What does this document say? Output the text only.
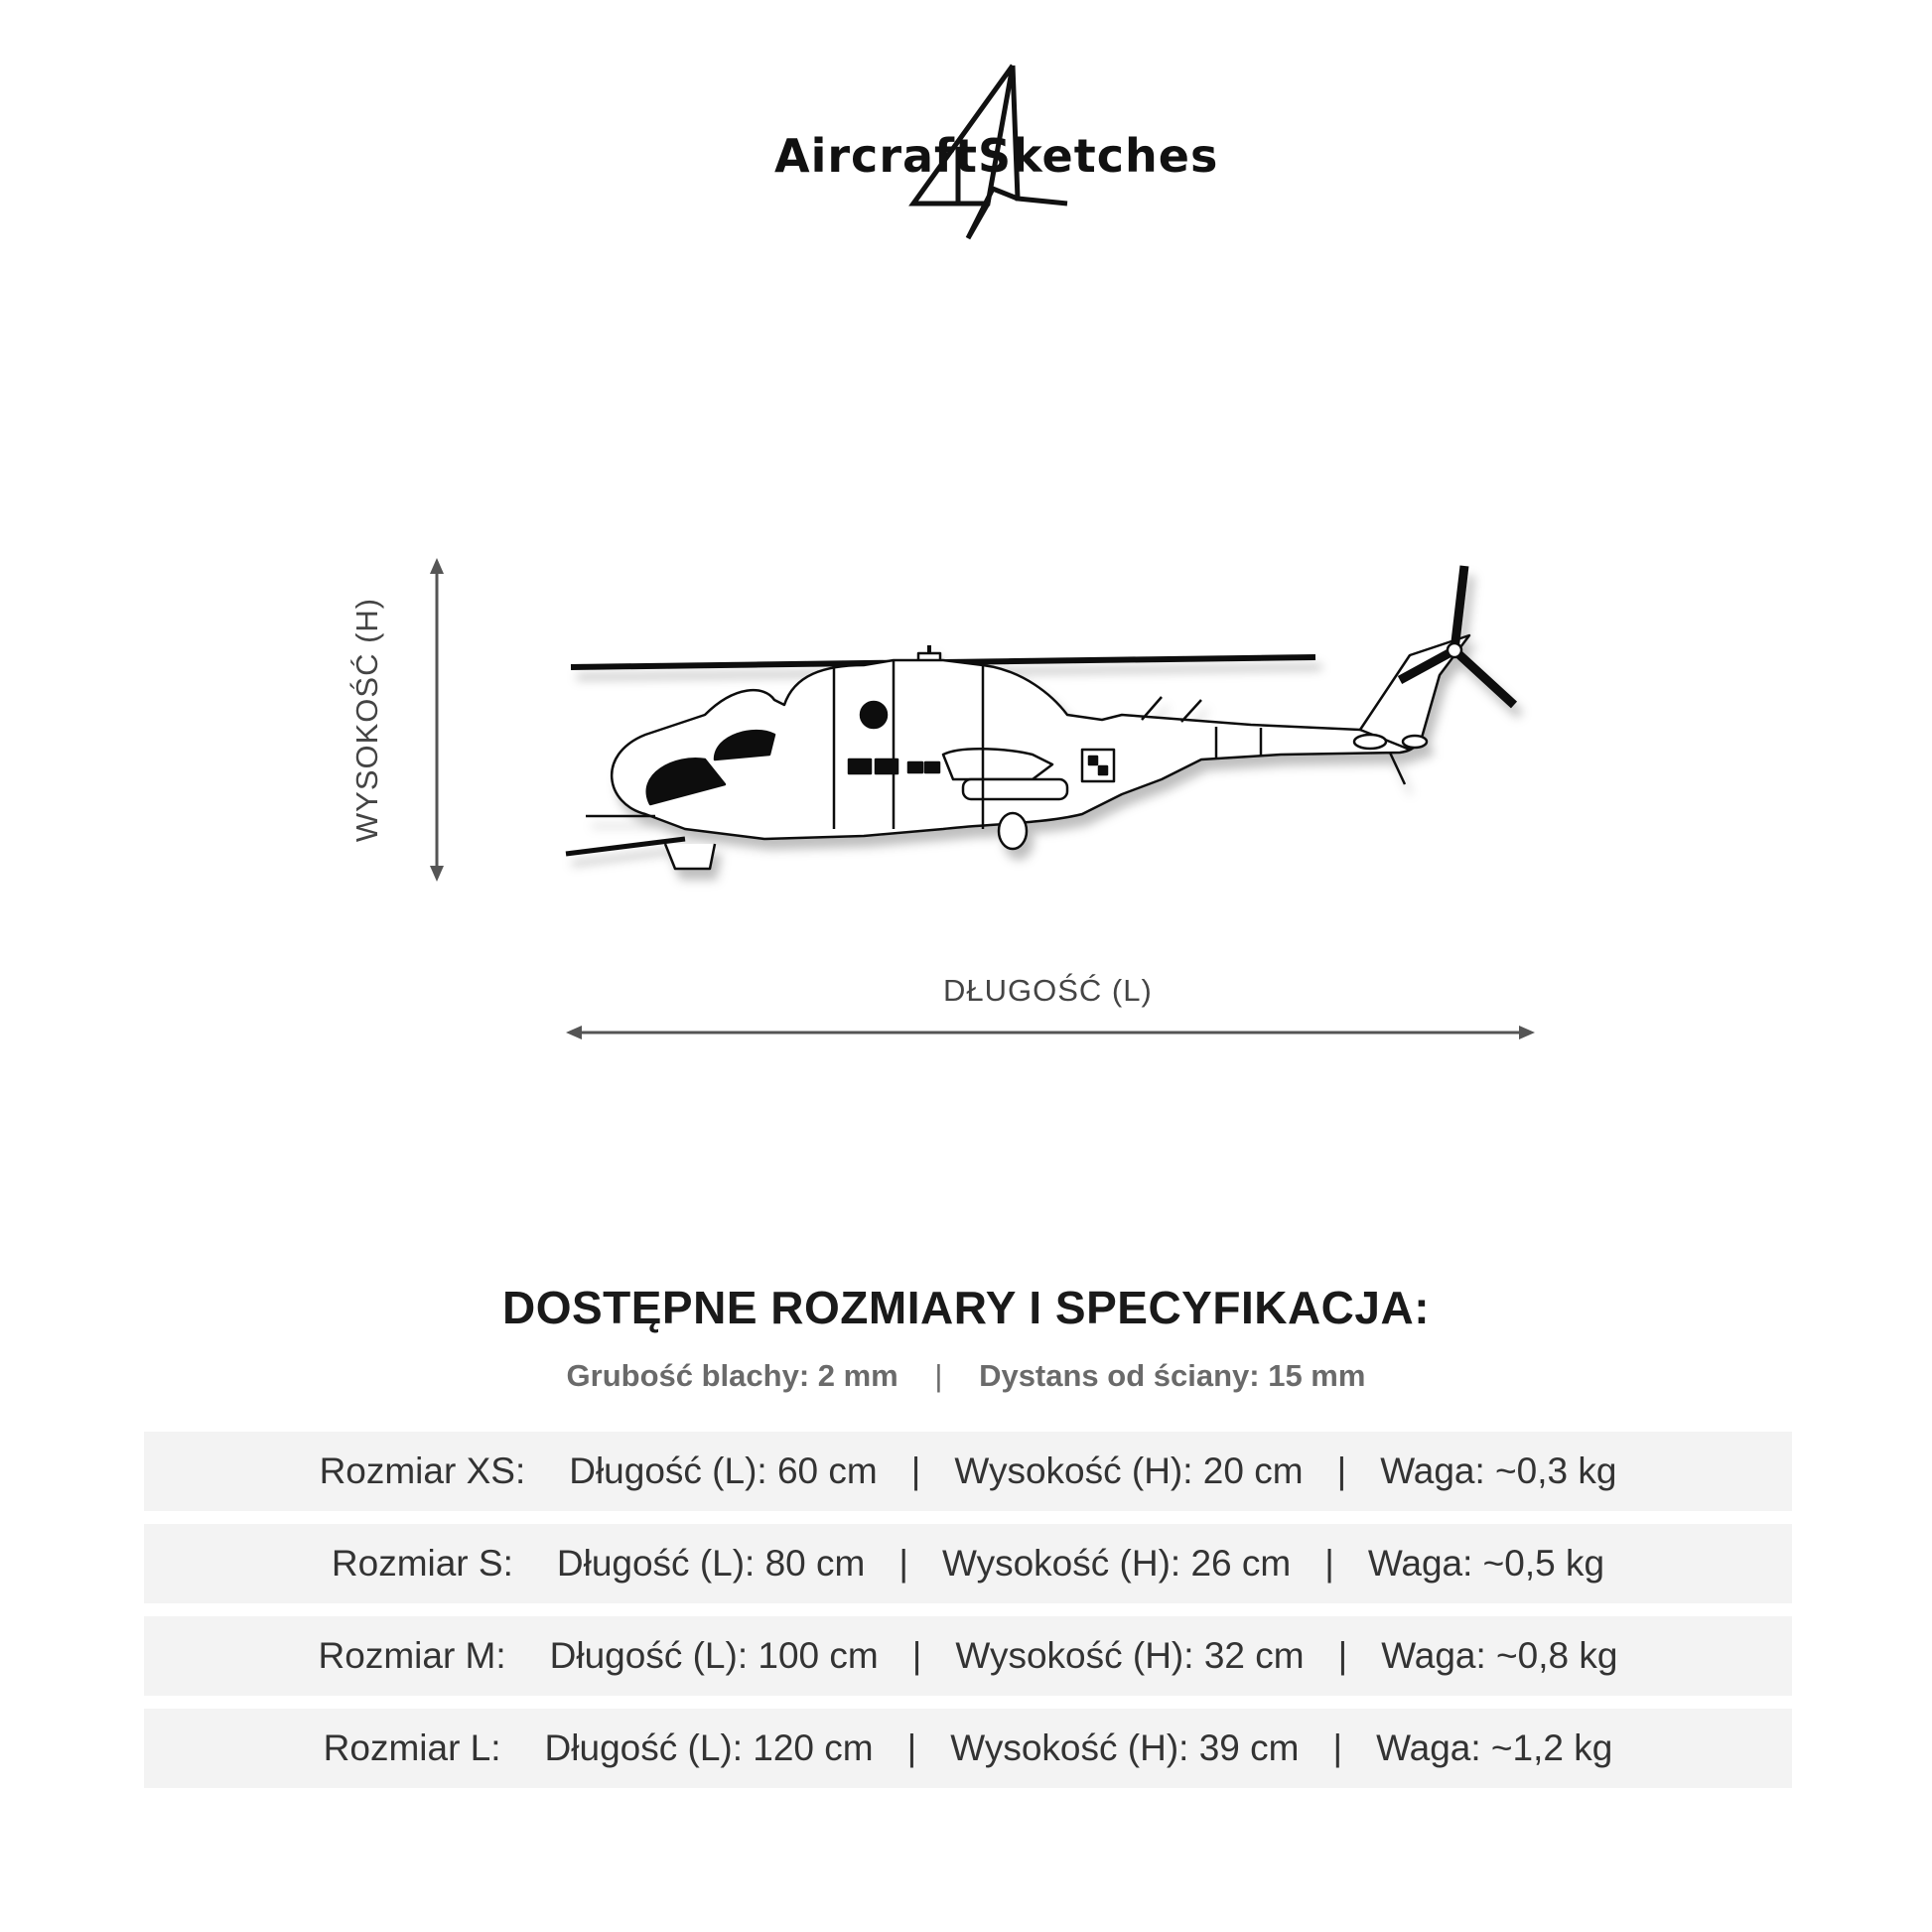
AircraftSketches
WYSOKOŚĆ (H)
DŁUGOŚĆ (L)
DOSTĘPNE ROZMIARY I SPECYFIKACJA:
Grubość blachy: 2 mm | Dystans od ściany: 15 mm
Rozmiar XS: Długość (L): 60 cm | Wysokość (H): 20 cm | Waga: ~0,3 kg
Rozmiar S: Długość (L): 80 cm | Wysokość (H): 26 cm | Waga: ~0,5 kg
Rozmiar M: Długość (L): 100 cm | Wysokość (H): 32 cm | Waga: ~0,8 kg
Rozmiar L: Długość (L): 120 cm | Wysokość (H): 39 cm | Waga: ~1,2 kg
